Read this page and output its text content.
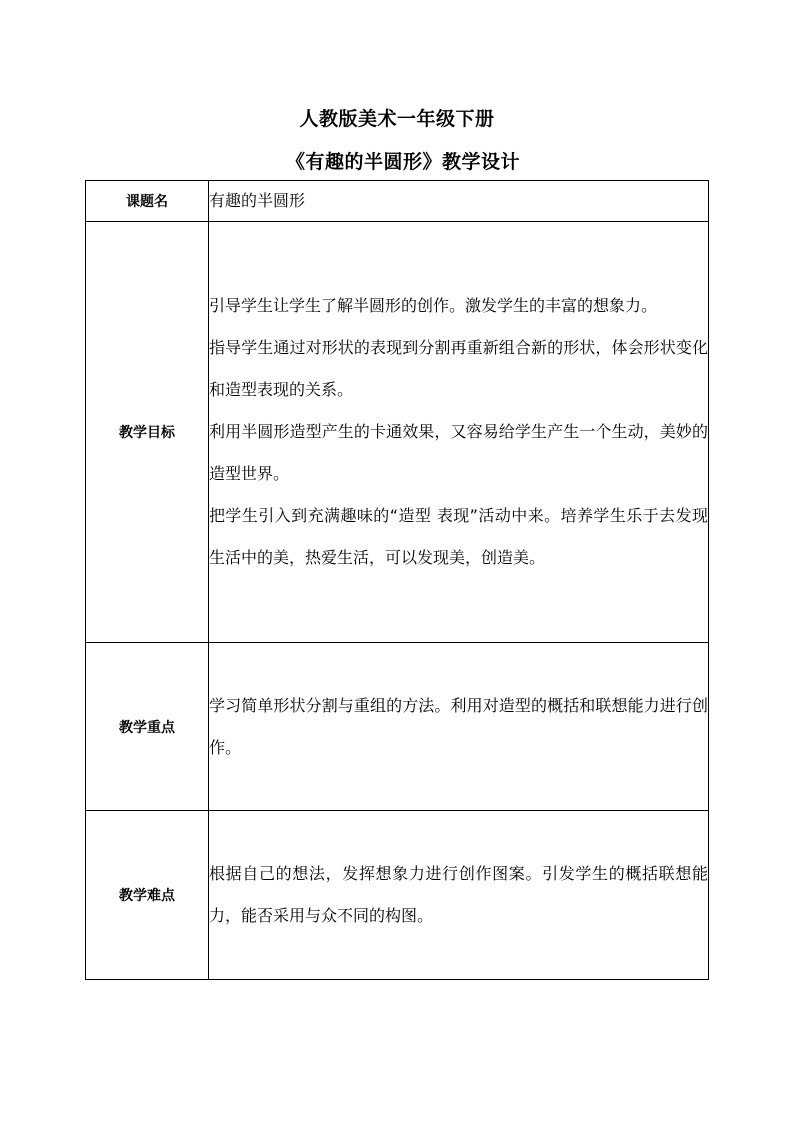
人教版美术一年级下册
《有趣的半圆形》教学设计
课题名	有趣的半圆形
教学目标	引导学生让学生了解半圆形的创作。激发学生的丰富的想象力。

指导学生通过对形状的表现到分割再重新组合新的形状，体会形状变化和造型表现的关系。

利用半圆形造型产生的卡通效果，又容易给学生产生一个生动，美妙的造型世界。

把学生引入到充满趣味的“造型 表现”活动中来。培养学生乐于去发现生活中的美，热爱生活，可以发现美，创造美。

教学重点	学习简单形状分割与重组的方法。利用对造型的概括和联想能力进行创作。
教学难点	根据自己的想法，发挥想象力进行创作图案。引发学生的概括联想能力，能否采用与众不同的构图。
